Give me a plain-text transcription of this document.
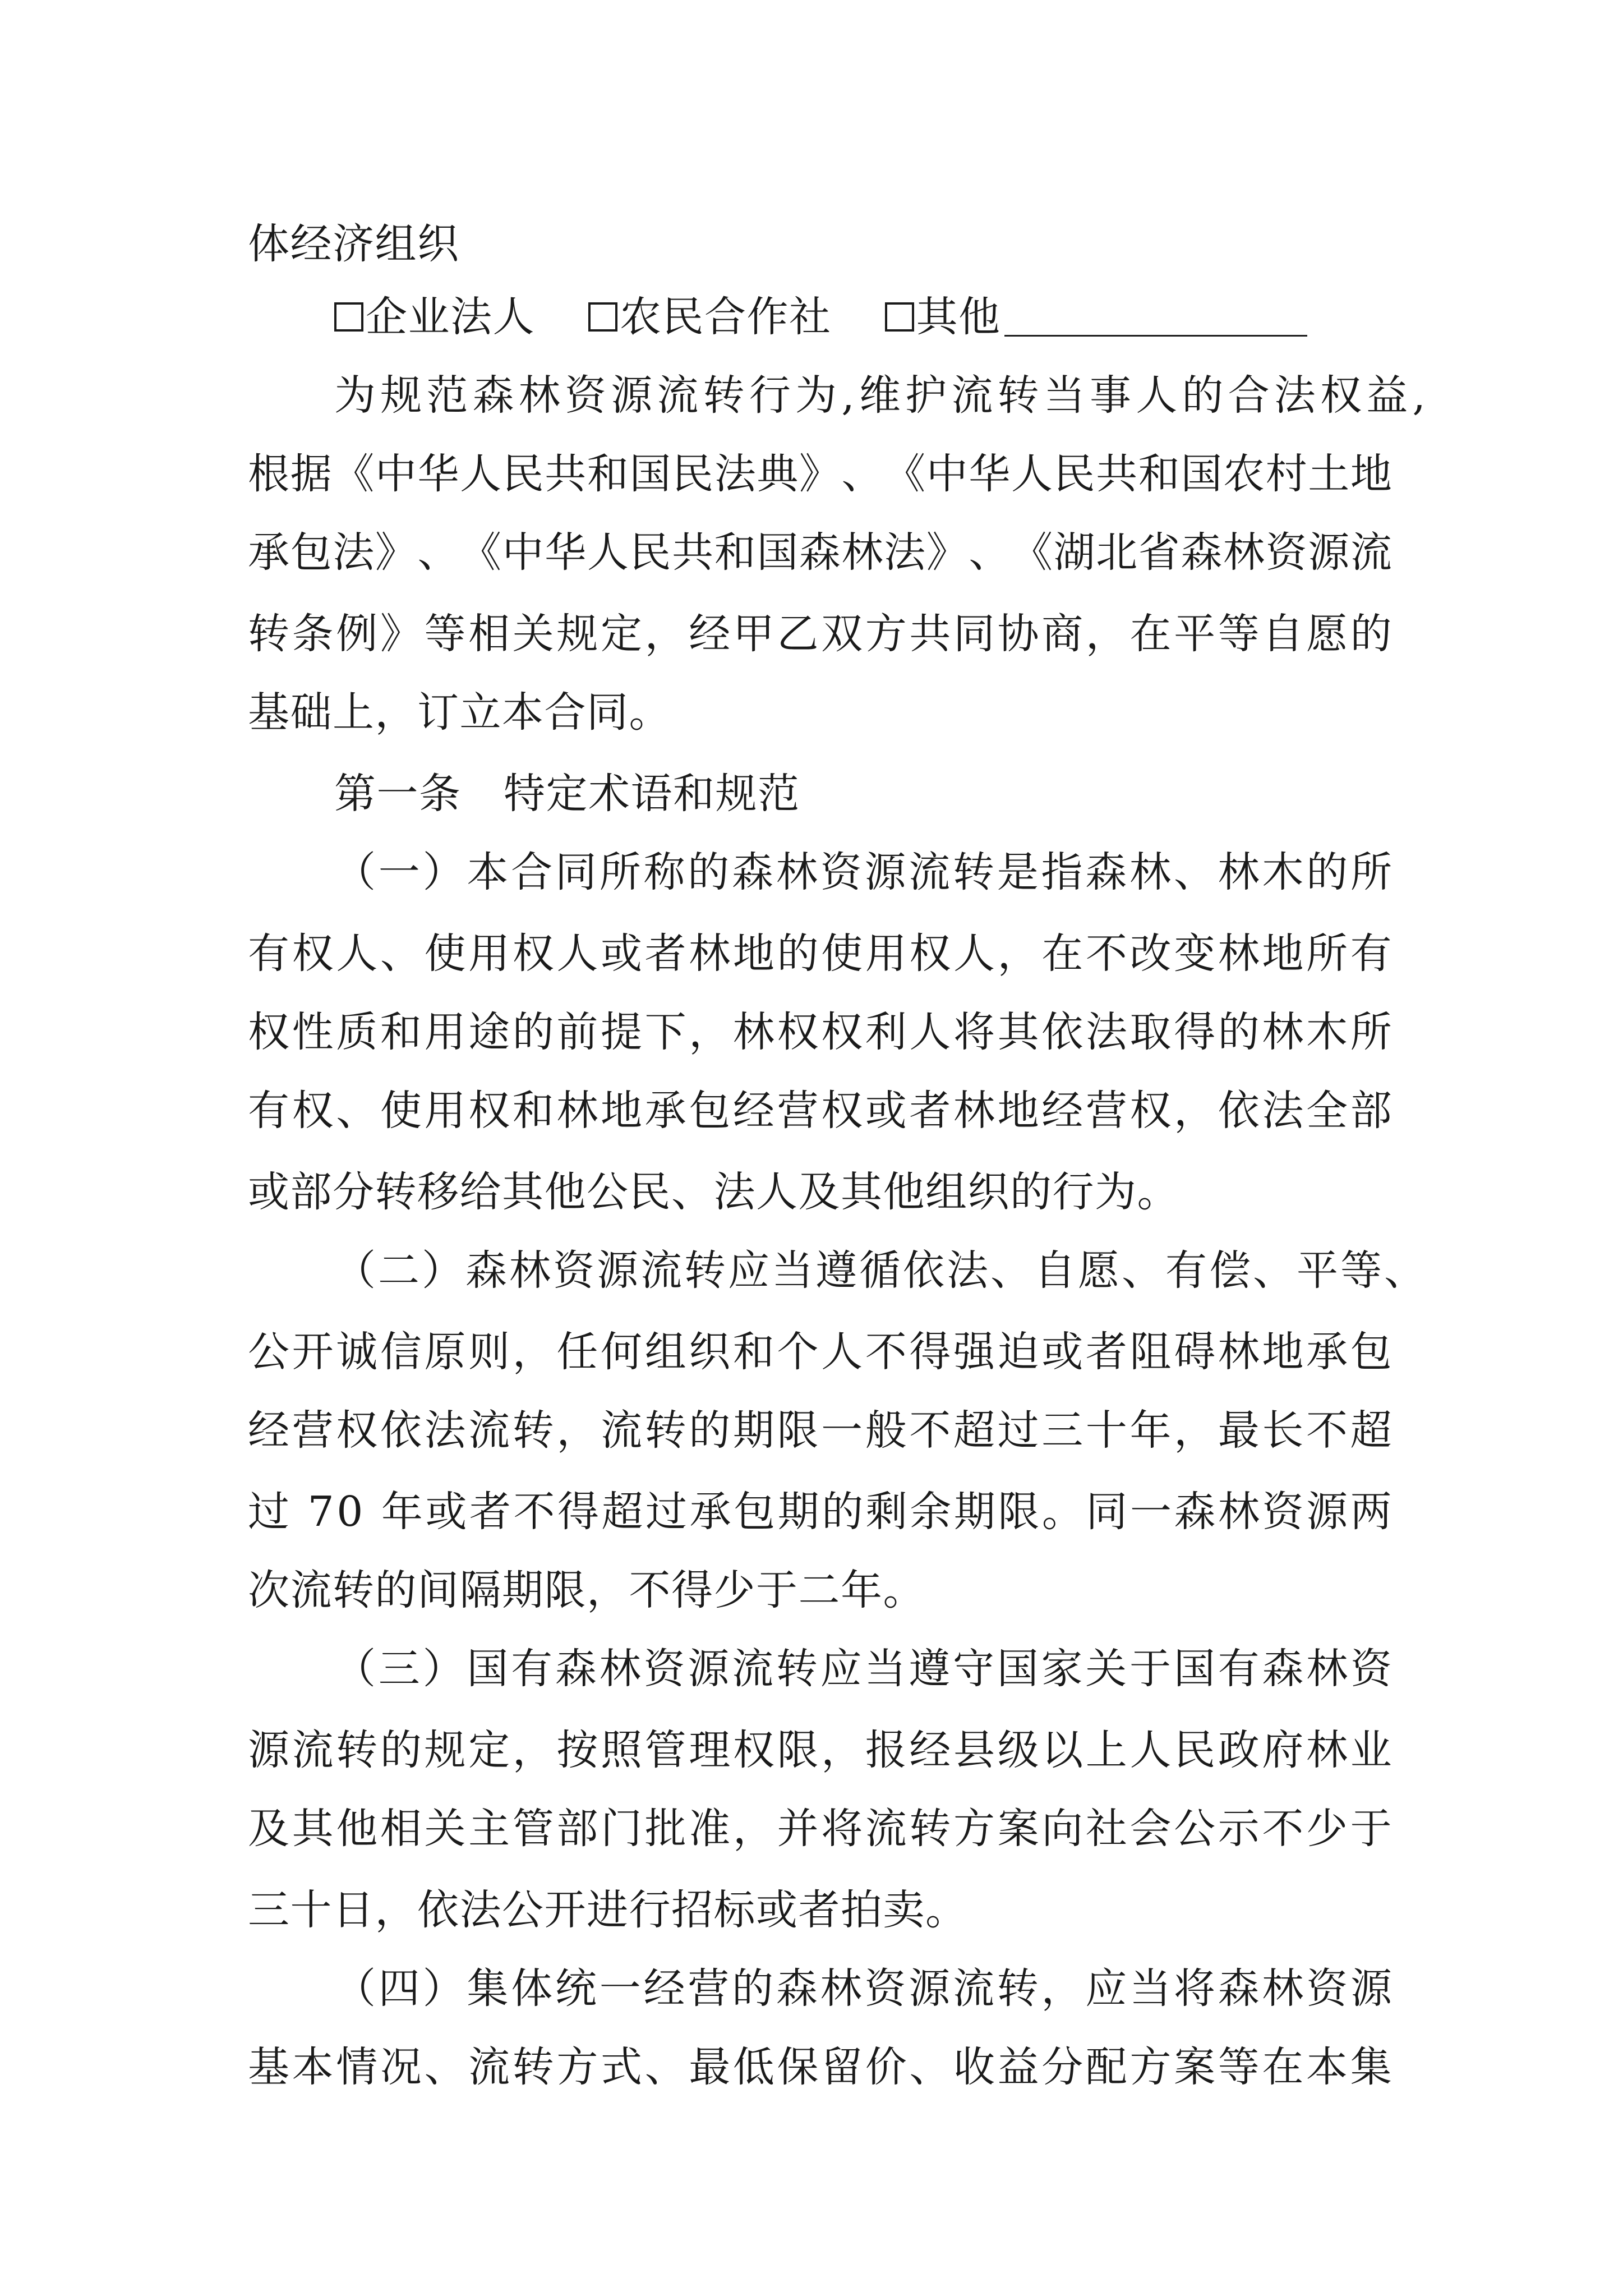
体经济组织
企业法人 农民合作社 其他
为 规 范 森 林 资 源 流 转 行 为 , 维 护 流 转 当 事 人 的 合 法 权 益 ,
根 据 《 中 华 人 民 共 和 国 民 法 典 》 、 《 中 华 人 民 共 和 国 农 村 土 地
承 包 法 》 、 《 中 华 人 民 共 和 国 森 林 法 》 、 《 湖 北 省 森 林 资 源 流
转 条 例 》 等 相 关 规 定 ， 经 甲 乙 双 方 共 同 协 商 ， 在 平 等 自 愿 的
基础上，订立本合同。
第一条　特定术语和规范
（ 一 ） 本 合 同 所 称 的 森 林 资 源 流 转 是 指 森 林 、 林 木 的 所
有 权 人 、 使 用 权 人 或 者 林 地 的 使 用 权 人 ， 在 不 改 变 林 地 所 有
权 性 质 和 用 途 的 前 提 下 ， 林 权 权 利 人 将 其 依 法 取 得 的 林 木 所
有 权 、 使 用 权 和 林 地 承 包 经 营 权 或 者 林 地 经 营 权 ， 依 法 全 部
或部分转移给其他公民、法人及其他组织的行为。
（ 二 ） 森 林 资 源 流 转 应 当 遵 循 依 法 、 自 愿 、 有 偿 、 平 等 、
公 开 诚 信 原 则 ， 任 何 组 织 和 个 人 不 得 强 迫 或 者 阻 碍 林 地 承 包
经 营 权 依 法 流 转 ， 流 转 的 期 限 一 般 不 超 过 三 十 年 ， 最 长 不 超
过
7 0
年 或 者 不 得 超 过 承 包 期 的 剩 余 期 限 。 同 一 森 林 资 源 两
次流转的间隔期限，不得少于二年。
（ 三 ） 国 有 森 林 资 源 流 转 应 当 遵 守 国 家 关 于 国 有 森 林 资
源 流 转 的 规 定 ， 按 照 管 理 权 限 ， 报 经 县 级 以 上 人 民 政 府 林 业
及 其 他 相 关 主 管 部 门 批 准 ， 并 将 流 转 方 案 向 社 会 公 示 不 少 于
三十日，依法公开进行招标或者拍卖。
（ 四 ） 集 体 统 一 经 营 的 森 林 资 源 流 转 ， 应 当 将 森 林 资 源
基 本 情 况 、 流 转 方 式 、 最 低 保 留 价 、 收 益 分 配 方 案 等 在 本 集
